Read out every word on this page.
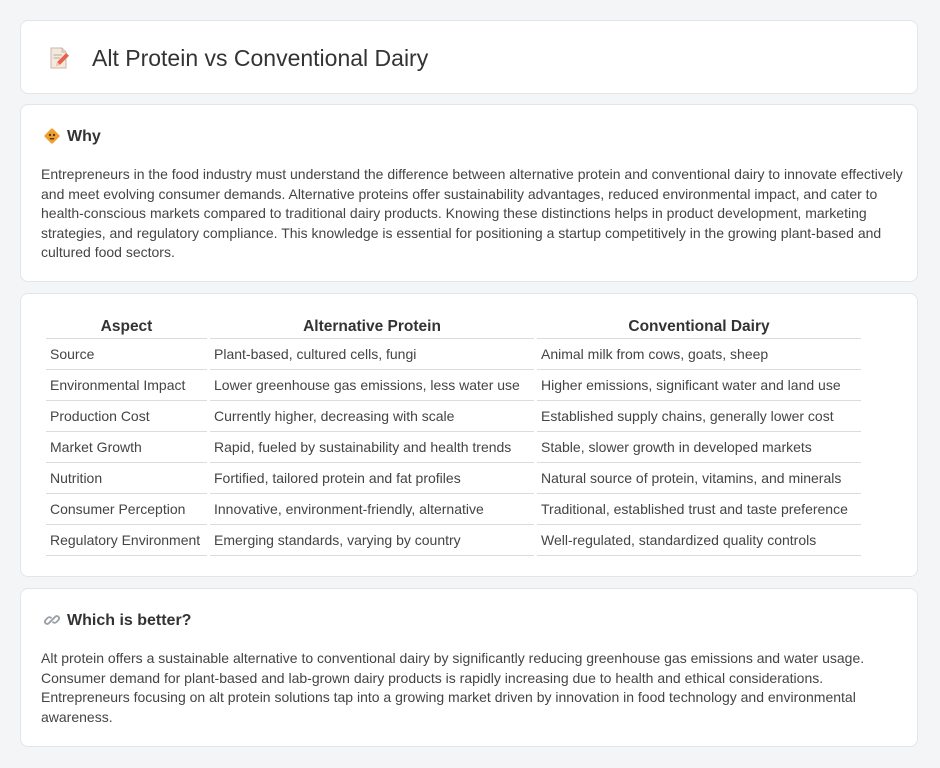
Alt Protein vs Conventional Dairy
Why

Entrepreneurs in the food industry must understand the difference between alternative protein and conventional dairy to innovate effectively and meet evolving consumer demands. Alternative proteins offer sustainability advantages, reduced environmental impact, and cater to health-conscious markets compared to traditional dairy products. Knowing these distinctions helps in product development, marketing strategies, and regulatory compliance. This knowledge is essential for positioning a startup competitively in the growing plant-based and cultured food sectors.

Aspect	Alternative Protein	Conventional Dairy
Source	Plant-based, cultured cells, fungi	Animal milk from cows, goats, sheep
Environmental Impact	Lower greenhouse gas emissions, less water use	Higher emissions, significant water and land use
Production Cost	Currently higher, decreasing with scale	Established supply chains, generally lower cost
Market Growth	Rapid, fueled by sustainability and health trends	Stable, slower growth in developed markets
Nutrition	Fortified, tailored protein and fat profiles	Natural source of protein, vitamins, and minerals
Consumer Perception	Innovative, environment-friendly, alternative	Traditional, established trust and taste preference
Regulatory Environment	Emerging standards, varying by country	Well-regulated, standardized quality controls
Which is better?

Alt protein offers a sustainable alternative to conventional dairy by significantly reducing greenhouse gas emissions and water usage. Consumer demand for plant-based and lab-grown dairy products is rapidly increasing due to health and ethical considerations. Entrepreneurs focusing on alt protein solutions tap into a growing market driven by innovation in food technology and environmental awareness.
